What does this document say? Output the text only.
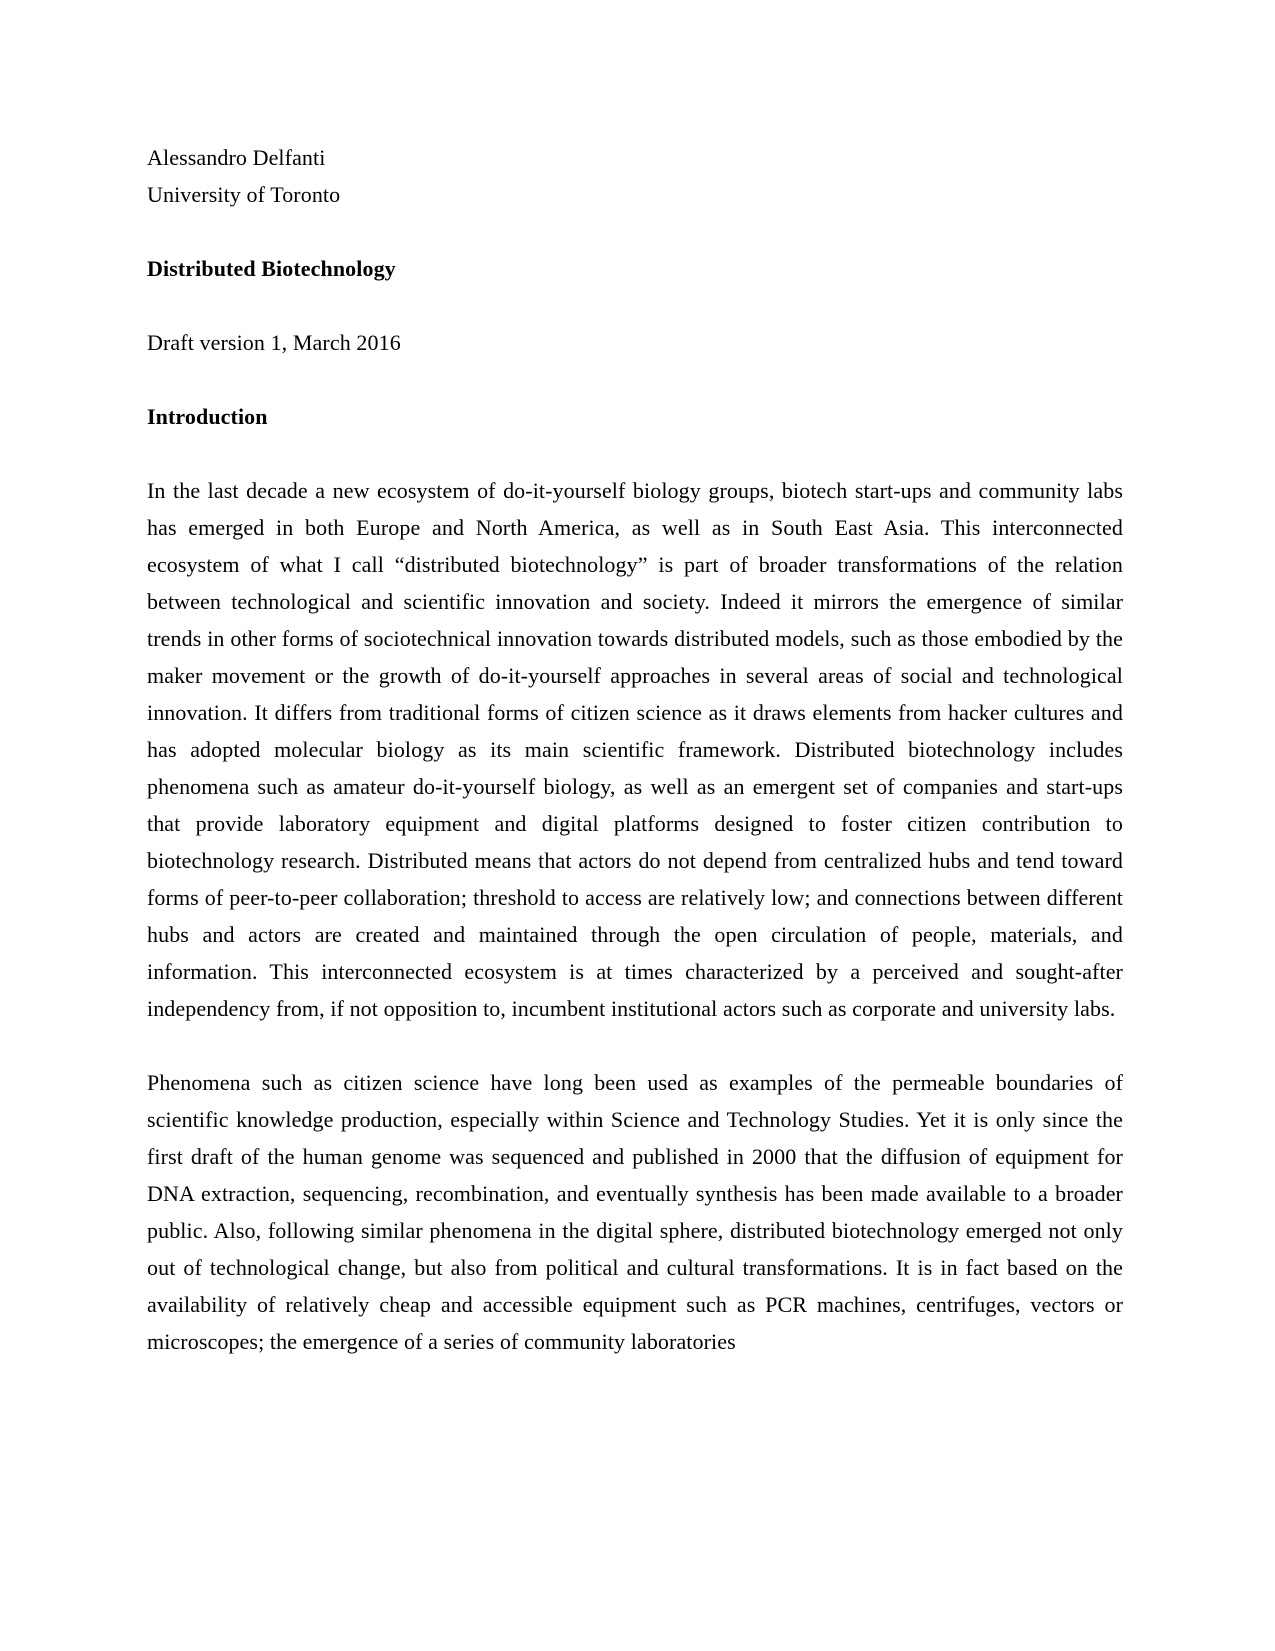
Alessandro Delfanti

University of Toronto

Distributed Biotechnology

Draft version 1, March 2016

Introduction

In the last decade a new ecosystem of do-it-yourself biology groups, biotech start-ups and community labs has emerged in both Europe and North America, as well as in South East Asia. This interconnected ecosystem of what I call “distributed biotechnology” is part of broader transformations of the relation between technological and scientific innovation and society. Indeed it mirrors the emergence of similar trends in other forms of sociotechnical innovation towards distributed models, such as those embodied by the maker movement or the growth of do-it-yourself approaches in several areas of social and technological innovation. It differs from traditional forms of citizen science as it draws elements from hacker cultures and has adopted molecular biology as its main scientific framework. Distributed biotechnology includes phenomena such as amateur do-it-yourself biology, as well as an emergent set of companies and start-ups that provide laboratory equipment and digital platforms designed to foster citizen contribution to biotechnology research. Distributed means that actors do not depend from centralized hubs and tend toward forms of peer-to-peer collaboration; threshold to access are relatively low; and connections between different hubs and actors are created and maintained through the open circulation of people, materials, and information. This interconnected ecosystem is at times characterized by a perceived and sought-after independency from, if not opposition to, incumbent institutional actors such as corporate and university labs.

Phenomena such as citizen science have long been used as examples of the permeable boundaries of scientific knowledge production, especially within Science and Technology Studies. Yet it is only since the first draft of the human genome was sequenced and published in 2000 that the diffusion of equipment for DNA extraction, sequencing, recombination, and eventually synthesis has been made available to a broader public. Also, following similar phenomena in the digital sphere, distributed biotechnology emerged not only out of technological change, but also from political and cultural transformations. It is in fact based on the availability of relatively cheap and accessible equipment such as PCR machines, centrifuges, vectors or microscopes; the emergence of a series of community laboratories
